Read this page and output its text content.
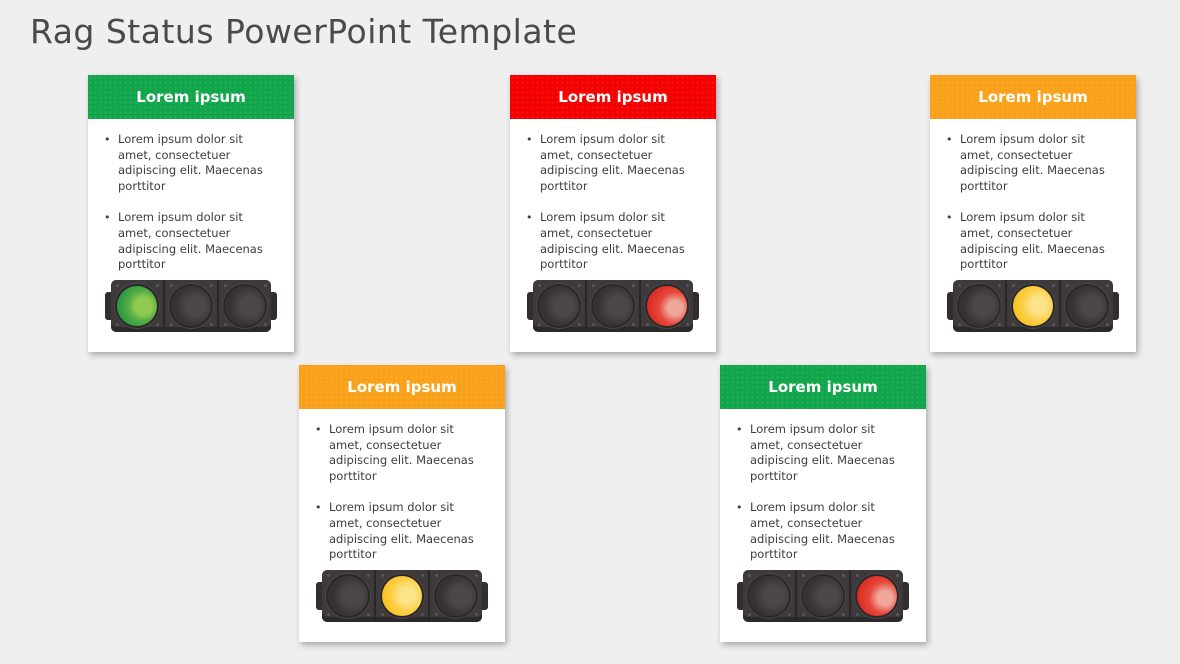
Rag Status PowerPoint Template
Lorem ipsum
• Lorem ipsum dolor sit amet, consectetuer adipiscing elit. Maecenas porttitor
• Lorem ipsum dolor sit amet, consectetuer adipiscing elit. Maecenas porttitor
Lorem ipsum
• Lorem ipsum dolor sit amet, consectetuer adipiscing elit. Maecenas porttitor
• Lorem ipsum dolor sit amet, consectetuer adipiscing elit. Maecenas porttitor
Lorem ipsum
• Lorem ipsum dolor sit amet, consectetuer adipiscing elit. Maecenas porttitor
• Lorem ipsum dolor sit amet, consectetuer adipiscing elit. Maecenas porttitor
Lorem ipsum
• Lorem ipsum dolor sit amet, consectetuer adipiscing elit. Maecenas porttitor
• Lorem ipsum dolor sit amet, consectetuer adipiscing elit. Maecenas porttitor
Lorem ipsum
• Lorem ipsum dolor sit amet, consectetuer adipiscing elit. Maecenas porttitor
• Lorem ipsum dolor sit amet, consectetuer adipiscing elit. Maecenas porttitor
